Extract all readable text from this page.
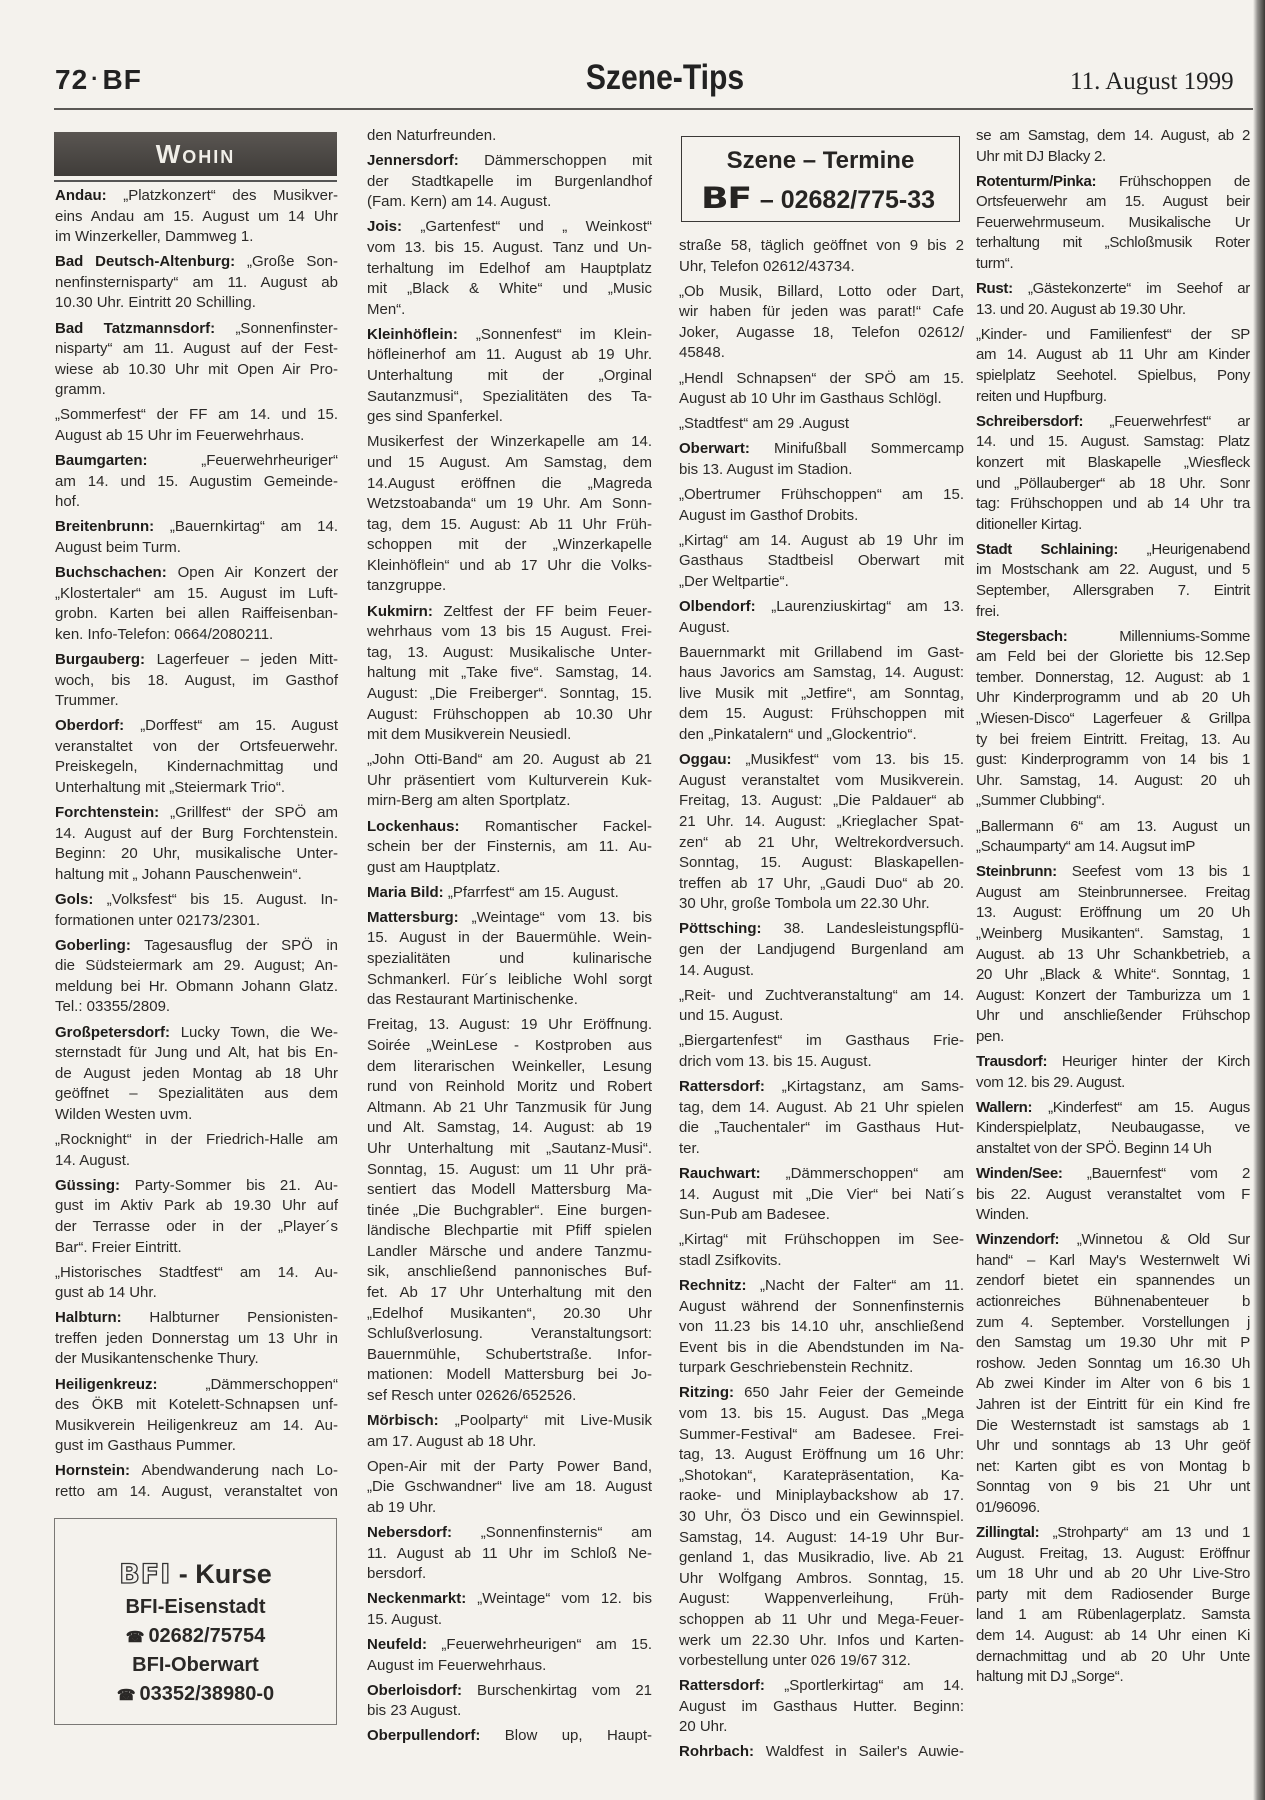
72 · BF	Szene-Tips	11. August 1999
Wohin
Andau: „Platzkonzert“ des Musikver-
eins Andau am 15. August um 14 Uhr
im Winzerkeller, Dammweg 1.
Bad Deutsch-Altenburg: „Große Son-
nenfinsternisparty“ am 11. August ab
10.30 Uhr. Eintritt 20 Schilling.
Bad Tatzmannsdorf: „Sonnenfinster-
nisparty“ am 11. August auf der Fest-
wiese ab 10.30 Uhr mit Open Air Pro-
gramm.
„Sommerfest“ der FF am 14. und 15.
August ab 15 Uhr im Feuerwehrhaus.
Baumgarten:	„Feuerwehrheuriger“
am 14. und 15. Augustim Gemeinde-
hof.
Breitenbrunn: „Bauernkirtag“ am 14.
August beim Turm.
Buchschachen: Open Air Konzert der
„Klostertaler“ am 15. August im Luft-
grobn. Karten bei allen Raiffeisenban-
ken. Info-Telefon: 0664/2080211.
Burgauberg: Lagerfeuer – jeden Mitt-
woch, bis 18. August, im Gasthof
Trummer.
Oberdorf: „Dorffest“ am 15. August
veranstaltet von der Ortsfeuerwehr.
Preiskegeln, Kindernachmittag und
Unterhaltung mit „Steiermark Trio“.
Forchtenstein: „Grillfest“ der SPÖ am
14. August auf der Burg Forchtenstein.
Beginn: 20 Uhr, musikalische Unter-
haltung mit „ Johann Pauschenwein“.
Gols: „Volksfest“ bis 15. August. In-
formationen unter 02173/2301.
Goberling: Tagesausflug der SPÖ in
die Südsteiermark am 29. August; An-
meldung bei Hr. Obmann Johann Glatz.
Tel.: 03355/2809.
Großpetersdorf: Lucky Town, die We-
sternstadt für Jung und Alt, hat bis En-
de August jeden Montag ab 18 Uhr
geöffnet – Spezialitäten aus dem
Wilden Westen uvm.
„Rocknight“ in der Friedrich-Halle am
14. August.
Güssing: Party-Sommer bis 21. Au-
gust im Aktiv Park ab 19.30 Uhr auf
der Terrasse oder in der „Player´s
Bar“. Freier Eintritt.
„Historisches Stadtfest“ am 14. Au-
gust ab 14 Uhr.
Halbturn: Halbturner Pensionisten-
treffen jeden Donnerstag um 13 Uhr in
der Musikantenschenke Thury.
Heiligenkreuz:	„Dämmerschoppen“
des ÖKB mit Kotelett-Schnapsen unf-
Musikverein Heiligenkreuz am 14. Au-
gust im Gasthaus Pummer.
Hornstein: Abendwanderung nach Lo-
retto am 14. August, veranstaltet von
den Naturfreunden.
Jennersdorf: Dämmerschoppen mit
der Stadtkapelle im Burgenlandhof
(Fam. Kern) am 14. August.
Jois: „Gartenfest“ und „ Weinkost“
vom 13. bis 15. August. Tanz und Un-
terhaltung im Edelhof am Hauptplatz
mit „Black & White“ und „Music
Men“.
Kleinhöflein: „Sonnenfest“ im Klein-
höfleinerhof am 11. August ab 19 Uhr.
Unterhaltung mit der „Orginal
Sautanzmusi“, Spezialitäten des Ta-
ges sind Spanferkel.
Musikerfest der Winzerkapelle am 14.
und 15 August. Am Samstag, dem
14.August eröffnen die „Magreda
Wetzstoabanda“ um 19 Uhr. Am Sonn-
tag, dem 15. August: Ab 11 Uhr Früh-
schoppen mit der „Winzerkapelle
Kleinhöflein“ und ab 17 Uhr die Volks-
tanzgruppe.
Kukmirn: Zeltfest der FF beim Feuer-
wehrhaus vom 13 bis 15 August. Frei-
tag, 13. August: Musikalische Unter-
haltung mit „Take five“. Samstag, 14.
August: „Die Freiberger“. Sonntag, 15.
August: Frühschoppen ab 10.30 Uhr
mit dem Musikverein Neusiedl.
„John Otti-Band“ am 20. August ab 21
Uhr präsentiert vom Kulturverein Kuk-
mirn-Berg am alten Sportplatz.
Lockenhaus: Romantischer Fackel-
schein ber der Finsternis, am 11. Au-
gust am Hauptplatz.
Maria Bild: „Pfarrfest“ am 15. August.
Mattersburg: „Weintage“ vom 13. bis
15. August in der Bauermühle. Wein-
spezialitäten und kulinarische
Schmankerl. Für´s leibliche Wohl sorgt
das Restaurant Martinischenke.
Freitag, 13. August: 19 Uhr Eröffnung.
Soirée „WeinLese - Kostproben aus
dem literarischen Weinkeller, Lesung
rund von Reinhold Moritz und Robert
Altmann. Ab 21 Uhr Tanzmusik für Jung
und Alt. Samstag, 14. August: ab 19
Uhr Unterhaltung mit „Sautanz-Musi“.
Sonntag, 15. August: um 11 Uhr prä-
sentiert das Modell Mattersburg Ma-
tinée „Die Buchgrabler“. Eine burgen-
ländische Blechpartie mit Pfiff spielen
Landler Märsche und andere Tanzmu-
sik, anschließend pannonisches Buf-
fet. Ab 17 Uhr Unterhaltung mit den
„Edelhof Musikanten“, 20.30 Uhr
Schlußverlosung. Veranstaltungsort:
Bauernmühle, Schubertstraße. Infor-
mationen: Modell Mattersburg bei Jo-
sef Resch unter 02626/652526.
Mörbisch: „Poolparty“ mit Live-Musik
am 17. August ab 18 Uhr.
Open-Air mit der Party Power Band,
„Die Gschwandner“ live am 18. August
ab 19 Uhr.
Nebersdorf: „Sonnenfinsternis“ am
11. August ab 11 Uhr im Schloß Ne-
bersdorf.
Neckenmarkt: „Weintage“ vom 12. bis
15. August.
Neufeld: „Feuerwehrheurigen“ am 15.
August im Feuerwehrhaus.
Oberloisdorf: Burschenkirtag vom 21
bis 23 August.
Oberpullendorf: Blow up, Haupt-
straße 58, täglich geöffnet von 9 bis 2
Uhr, Telefon 02612/43734.
„Ob Musik, Billard, Lotto oder Dart,
wir haben für jeden was parat!“ Cafe
Joker, Augasse 18, Telefon 02612/
45848.
„Hendl Schnapsen“ der SPÖ am 15.
August ab 10 Uhr im Gasthaus Schlögl.
„Stadtfest“ am 29 .August
Oberwart: Minifußball Sommercamp
bis 13. August im Stadion.
„Obertrumer Frühschoppen“ am 15.
August im Gasthof Drobits.
„Kirtag“ am 14. August ab 19 Uhr im
Gasthaus Stadtbeisl Oberwart mit
„Der Weltpartie“.
Olbendorf: „Laurenziuskirtag“ am 13.
August.
Bauernmarkt mit Grillabend im Gast-
haus Javorics am Samstag, 14. August:
live Musik mit „Jetfire“, am Sonntag,
dem 15. August: Frühschoppen mit
den „Pinkatalern“ und „Glockentrio“.
Oggau: „Musikfest“ vom 13. bis 15.
August veranstaltet vom Musikverein.
Freitag, 13. August: „Die Paldauer“ ab
21 Uhr. 14. August: „Krieglacher Spat-
zen“ ab 21 Uhr, Weltrekordversuch.
Sonntag, 15. August: Blaskapellen-
treffen ab 17 Uhr, „Gaudi Duo“ ab 20.
30 Uhr, große Tombola um 22.30 Uhr.
Pöttsching: 38. Landesleistungspflü-
gen der Landjugend Burgenland am
14. August.
„Reit- und Zuchtveranstaltung“ am 14.
und 15. August.
„Biergartenfest“ im Gasthaus Frie-
drich vom 13. bis 15. August.
Rattersdorf: „Kirtagstanz, am Sams-
tag, dem 14. August. Ab 21 Uhr spielen
die „Tauchentaler“ im Gasthaus Hut-
ter.
Rauchwart: „Dämmerschoppen“ am
14. August mit „Die Vier“ bei Nati´s
Sun-Pub am Badesee.
„Kirtag“ mit Frühschoppen im See-
stadl Zsifkovits.
Rechnitz: „Nacht der Falter“ am 11.
August während der Sonnenfinsternis
von 11.23 bis 14.10 uhr, anschließend
Event bis in die Abendstunden im Na-
turpark Geschriebenstein Rechnitz.
Ritzing: 650 Jahr Feier der Gemeinde
vom 13. bis 15. August. Das „Mega
Summer-Festival“ am Badesee. Frei-
tag, 13. August Eröffnung um 16 Uhr:
„Shotokan“, Karatepräsentation, Ka-
raoke- und Miniplaybackshow ab 17.
30 Uhr, Ö3 Disco und ein Gewinnspiel.
Samstag, 14. August: 14-19 Uhr Bur-
genland 1, das Musikradio, live. Ab 21
Uhr Wolfgang Ambros. Sonntag, 15.
August: Wappenverleihung, Früh-
schoppen ab 11 Uhr und Mega-Feuer-
werk um 22.30 Uhr. Infos und Karten-
vorbestellung unter 026 19/67 312.
Rattersdorf: „Sportlerkirtag“ am 14.
August im Gasthaus Hutter. Beginn:
20 Uhr.
Rohrbach: Waldfest in Sailer's Auwie-
se am Samstag, dem 14. August, ab 2
Uhr mit DJ Blacky 2.
Rotenturm/Pinka: Frühschoppen de
Ortsfeuerwehr am 15. August beir
Feuerwehrmuseum. Musikalische Ur
terhaltung mit „Schloßmusik Roter
turm“.
Rust: „Gästekonzerte“ im Seehof ar
13. und 20. August ab 19.30 Uhr.
„Kinder- und Familienfest“ der SP
am 14. August ab 11 Uhr am Kinder
spielplatz Seehotel. Spielbus, Pony
reiten und Hupfburg.
Schreibersdorf: „Feuerwehrfest“ ar
14. und 15. August. Samstag: Platz
konzert mit Blaskapelle „Wiesfleck
und „Pöllauberger“ ab 18 Uhr. Sonr
tag: Frühschoppen und ab 14 Uhr tra
ditioneller Kirtag.
Stadt Schlaining: „Heurigenabend
im Mostschank am 22. August, und 5
September, Allersgraben 7. Eintrit
frei.
Stegersbach:	Millenniums-Somme
am Feld bei der Gloriette bis 12.Sep
tember. Donnerstag, 12. August: ab 1
Uhr Kinderprogramm und ab 20 Uh
„Wiesen-Disco“ Lagerfeuer & Grillpa
ty bei freiem Eintritt. Freitag, 13. Au
gust: Kinderprogramm von 14 bis 1
Uhr. Samstag, 14. August: 20 uh
„Summer Clubbing“.
„Ballermann 6“ am 13. August un
„Schaumparty“ am 14. Augsut imP
Steinbrunn: Seefest vom 13 bis 1
August am Steinbrunnersee. Freitag
13. August: Eröffnung um 20 Uh
„Weinberg Musikanten“. Samstag, 1
August. ab 13 Uhr Schankbetrieb, a
20 Uhr „Black & White“. Sonntag, 1
August: Konzert der Tamburizza um 1
Uhr und anschließender Frühschop
pen.
Trausdorf: Heuriger hinter der Kirch
vom 12. bis 29. August.
Wallern: „Kinderfest“ am 15. Augus
Kinderspielplatz, Neubaugasse, ve
anstaltet von der SPÖ. Beginn 14 Uh
Winden/See: „Bauernfest“ vom 2
bis 22. August veranstaltet vom F
Winden.
Winzendorf: „Winnetou & Old Sur
hand“ – Karl May's Westernwelt Wi
zendorf bietet ein spannendes un
actionreiches Bühnenabenteuer b
zum 4. September. Vorstellungen j
den Samstag um 19.30 Uhr mit P
roshow. Jeden Sonntag um 16.30 Uh
Ab zwei Kinder im Alter von 6 bis 1
Jahren ist der Eintritt für ein Kind fre
Die Westernstadt ist samstags ab 1
Uhr und sonntags ab 13 Uhr geöf
net: Karten gibt es von Montag b
Sonntag von 9 bis 21 Uhr unt
01/96096.
Zillingtal: „Strohparty“ am 13 und 1
August. Freitag, 13. August: Eröffnur
um 18 Uhr und ab 20 Uhr Live-Stro
party mit dem Radiosender Burge
land 1 am Rübenlagerplatz. Samsta
dem 14. August: ab 14 Uhr einen Ki
dernachmittag und ab 20 Uhr Unte
haltung mit DJ „Sorge“.
Szene – Termine
BF – 02682/775-33
BFI - Kurse
BFI-Eisenstadt
☎ 02682/75754
BFI-Oberwart
☎ 03352/38980-0
